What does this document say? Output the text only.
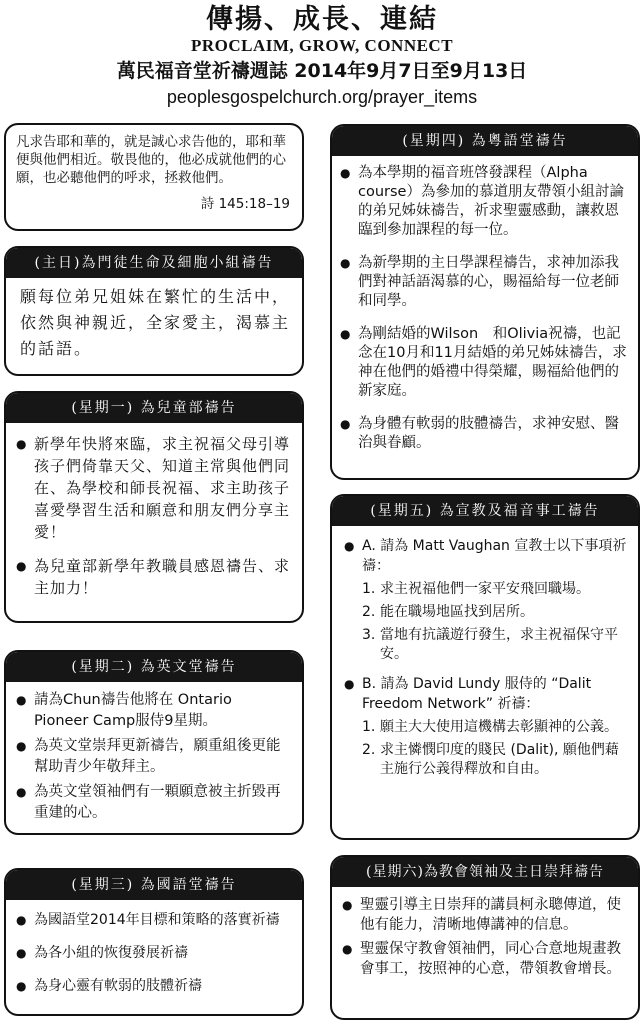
傳揚、成長、連結
PROCLAIM, GROW, CONNECT
萬民福音堂祈禱週誌 2014年9月7日至9月13日
peoplesgospelchurch.org/prayer_items
凡求告耶和華的，就是誠心求告他的，耶和華便與他們相近。敬畏他的，他必成就他們的心願，也必聽他們的呼求，拯救他們。
詩 145:18–19
(主日)為門徒生命及細胞小組禱告
願每位弟兄姐妹在繁忙的生活中，依然與神親近，全家愛主，渴慕主的話語。
(星期一) 為兒童部禱告
● 新學年快將來臨，求主祝福父母引導孩子們倚靠天父、知道主常與他們同在、為學校和師長祝福、求主助孩子喜愛學習生活和願意和朋友們分享主愛！
● 為兒童部新學年教職員感恩禱告、求主加力！
(星期二) 為英文堂禱告
● 請為Chun禱告他將在 Ontario Pioneer Camp服侍9星期。
● 為英文堂崇拜更新禱告，願重組後更能幫助青少年敬拜主。
● 為英文堂領袖們有一顆願意被主折毀再重建的心。
(星期三) 為國語堂禱告
● 為國語堂2014年目標和策略的落實祈禱
● 為各小組的恢復發展祈禱
● 為身心靈有軟弱的肢體祈禱
(星期四) 為粵語堂禱告
● 為本學期的福音班啓發課程（Alpha course）為參加的慕道朋友帶領小組討論的弟兄姊妹禱告，祈求聖靈感動，讓救恩臨到參加課程的每一位。
● 為新學期的主日學課程禱告，求神加添我們對神話語渴慕的心，賜福給每一位老師和同學。
● 為剛結婚的Wilson　和Olivia祝禱，也記念在10月和11月結婚的弟兄姊妹禱告，求神在他們的婚禮中得榮耀，賜福給他們的新家庭。
● 為身體有軟弱的肢體禱告，求神安慰、醫治與眷顧。
(星期五) 為宣教及福音事工禱告
● A. 請為 Matt Vaughan 宣教士以下事項祈禱：
1. 求主祝福他們一家平安飛回職場。
2. 能在職場地區找到居所。
3. 當地有抗議遊行發生，求主祝福保守平安。
● B. 請為 David Lundy 服侍的 “Dalit Freedom Network” 祈禱：
1. 願主大大使用這機構去彰顯神的公義。
2. 求主憐憫印度的賤民 (Dalit), 願他們藉主施行公義得釋放和自由。
(星期六)為教會領袖及主日崇拜禱告
● 聖靈引導主日崇拜的講員柯永聰傳道，使他有能力，清晰地傳講神的信息。
● 聖靈保守教會領袖們，同心合意地規畫教會事工，按照神的心意，帶領教會增長。
